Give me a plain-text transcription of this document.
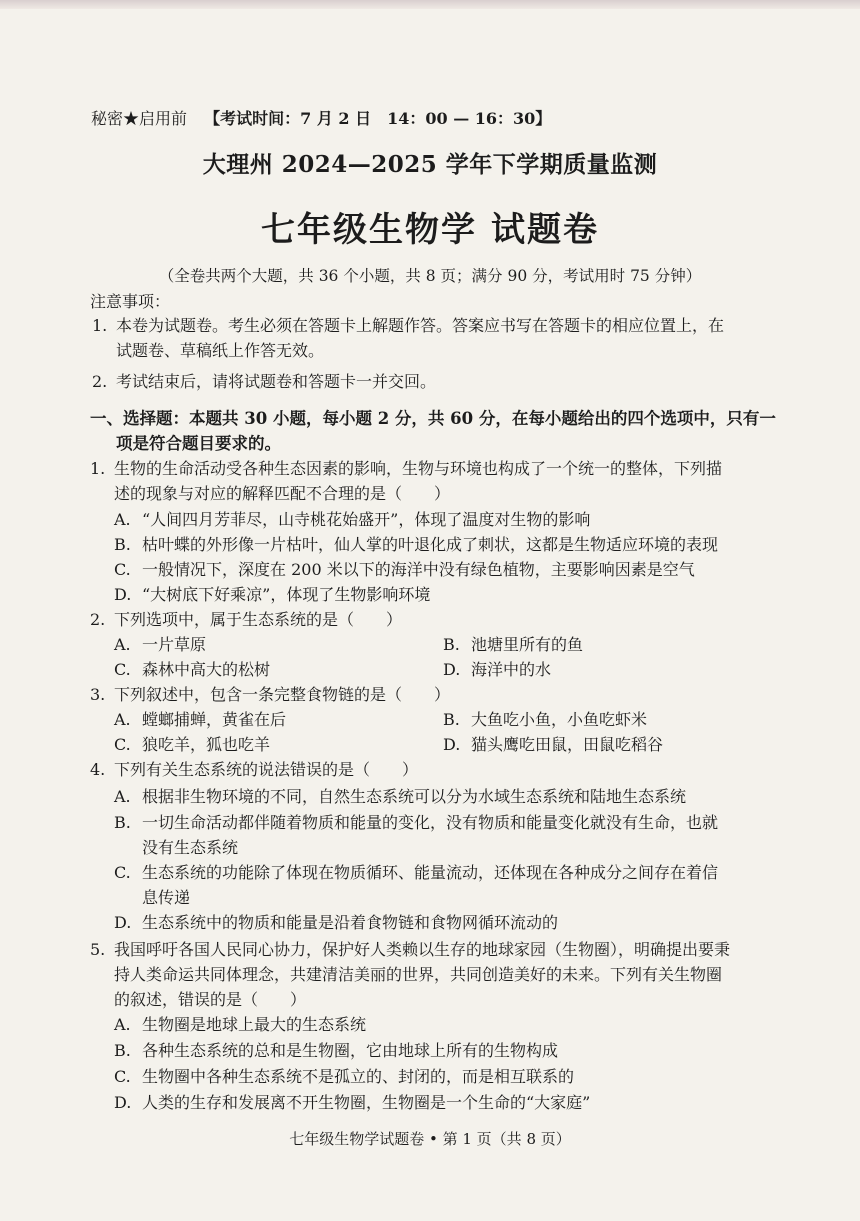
秘密★启用前 【考试时间：7 月 2 日　14：00 — 16：30】
大理州 2024—2025 学年下学期质量监测
七年级生物学 试题卷
（全卷共两个大题，共 36 个小题，共 8 页；满分 90 分，考试用时 75 分钟）
注意事项：
1. 本卷为试题卷。考生必须在答题卡上解题作答。答案应书写在答题卡的相应位置上，在
试题卷、草稿纸上作答无效。
2. 考试结束后，请将试题卷和答题卡一并交回。
一、选择题：本题共 30 小题，每小题 2 分，共 60 分，在每小题给出的四个选项中，只有一
项是符合题目要求的。
1. 生物的生命活动受各种生态因素的影响，生物与环境也构成了一个统一的整体，下列描
述的现象与对应的解释匹配不合理的是（　　）
A. “人间四月芳菲尽，山寺桃花始盛开”，体现了温度对生物的影响
B. 枯叶蝶的外形像一片枯叶，仙人掌的叶退化成了刺状，这都是生物适应环境的表现
C. 一般情况下，深度在 200 米以下的海洋中没有绿色植物，主要影响因素是空气
D. “大树底下好乘凉”，体现了生物影响环境
2. 下列选项中，属于生态系统的是（　　）
A. 一片草原	B. 池塘里所有的鱼
C. 森林中高大的松树	D. 海洋中的水
3. 下列叙述中，包含一条完整食物链的是（　　）
A. 螳螂捕蝉，黄雀在后	B. 大鱼吃小鱼，小鱼吃虾米
C. 狼吃羊，狐也吃羊	D. 猫头鹰吃田鼠，田鼠吃稻谷
4. 下列有关生态系统的说法错误的是（　　）
A. 根据非生物环境的不同，自然生态系统可以分为水域生态系统和陆地生态系统
B. 一切生命活动都伴随着物质和能量的变化，没有物质和能量变化就没有生命，也就
没有生态系统
C. 生态系统的功能除了体现在物质循环、能量流动，还体现在各种成分之间存在着信
息传递
D. 生态系统中的物质和能量是沿着食物链和食物网循环流动的
5. 我国呼吁各国人民同心协力，保护好人类赖以生存的地球家园（生物圈），明确提出要秉
持人类命运共同体理念，共建清洁美丽的世界，共同创造美好的未来。下列有关生物圈
的叙述，错误的是（　　）
A. 生物圈是地球上最大的生态系统
B. 各种生态系统的总和是生物圈，它由地球上所有的生物构成
C. 生物圈中各种生态系统不是孤立的、封闭的，而是相互联系的
D. 人类的生存和发展离不开生物圈，生物圈是一个生命的“大家庭”
七年级生物学试题卷 • 第 1 页（共 8 页）
